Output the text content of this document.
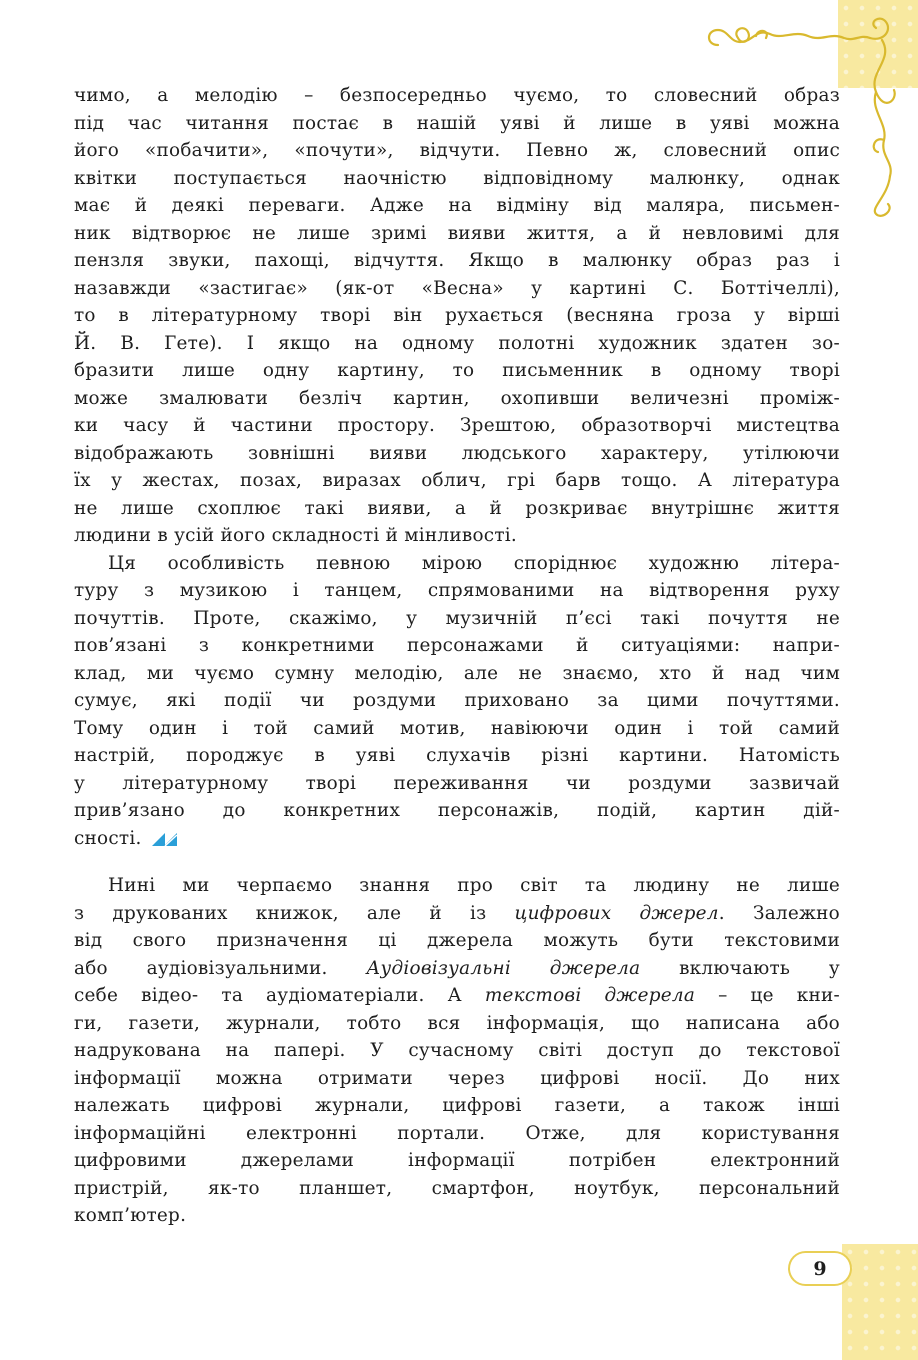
чимо, а мелодію – безпосередньо чуємо, то словесний образ
під час читання постає в нашій уяві й лише в уяві можна
його «побачити», «почути», відчути. Певно ж, словесний опис
квітки поступається наочністю відповідному малюнку, однак
має й деякі переваги. Адже на відміну від маляра, письмен-
ник відтворює не лише зримі вияви життя, а й невловимі для
пензля звуки, пахощі, відчуття. Якщо в малюнку образ раз і
назавжди «застигає» (як-от «Весна» у картині С. Боттічеллі),
то в літературному творі він рухається (весняна гроза у вірші
Й. В. Гете). І якщо на одному полотні художник здатен зо-
бразити лише одну картину, то письменник в одному творі
може змалювати безліч картин, охопивши величезні проміж-
ки часу й частини простору. Зрештою, образотворчі мистецтва
відображають зовнішні вияви людського характеру, утілюючи
їх у жестах, позах, виразах облич, грі барв тощо. А література
не лише схоплює такі вияви, а й розкриває внутрішнє життя
людини в усій його складності й мінливості.
Ця особливість певною мірою споріднює художню літера-
туру з музикою і танцем, спрямованими на відтворення руху
почуттів. Проте, скажімо, у музичній п’єсі такі почуття не
пов’язані з конкретними персонажами й ситуаціями: напри-
клад, ми чуємо сумну мелодію, але не знаємо, хто й над чим
сумує, які події чи роздуми приховано за цими почуттями.
Тому один і той самий мотив, навіюючи один і той самий
настрій, породжує в уяві слухачів різні картини. Натомість
у літературному творі переживання чи роздуми зазвичай
прив’язано до конкретних персонажів, подій, картин дій-
сності.
Нині ми черпаємо знання про світ та людину не лише
з друкованих книжок, але й із цифрових джерел. Залежно
від свого призначення ці джерела можуть бути текстовими
або аудіовізуальними. Аудіовізуальні джерела включають у
себе відео- та аудіоматеріали. А текстові джерела – це кни-
ги, газети, журнали, тобто вся інформація, що написана або
надрукована на папері. У сучасному світі доступ до текстової
інформації можна отримати через цифрові носії. До них
належать цифрові журнали, цифрові газети, а також інші
інформаційні електронні портали. Отже, для користування
цифровими джерелами інформації потрібен електронний
пристрій, як-то планшет, смартфон, ноутбук, персональний
комп’ютер.
9
